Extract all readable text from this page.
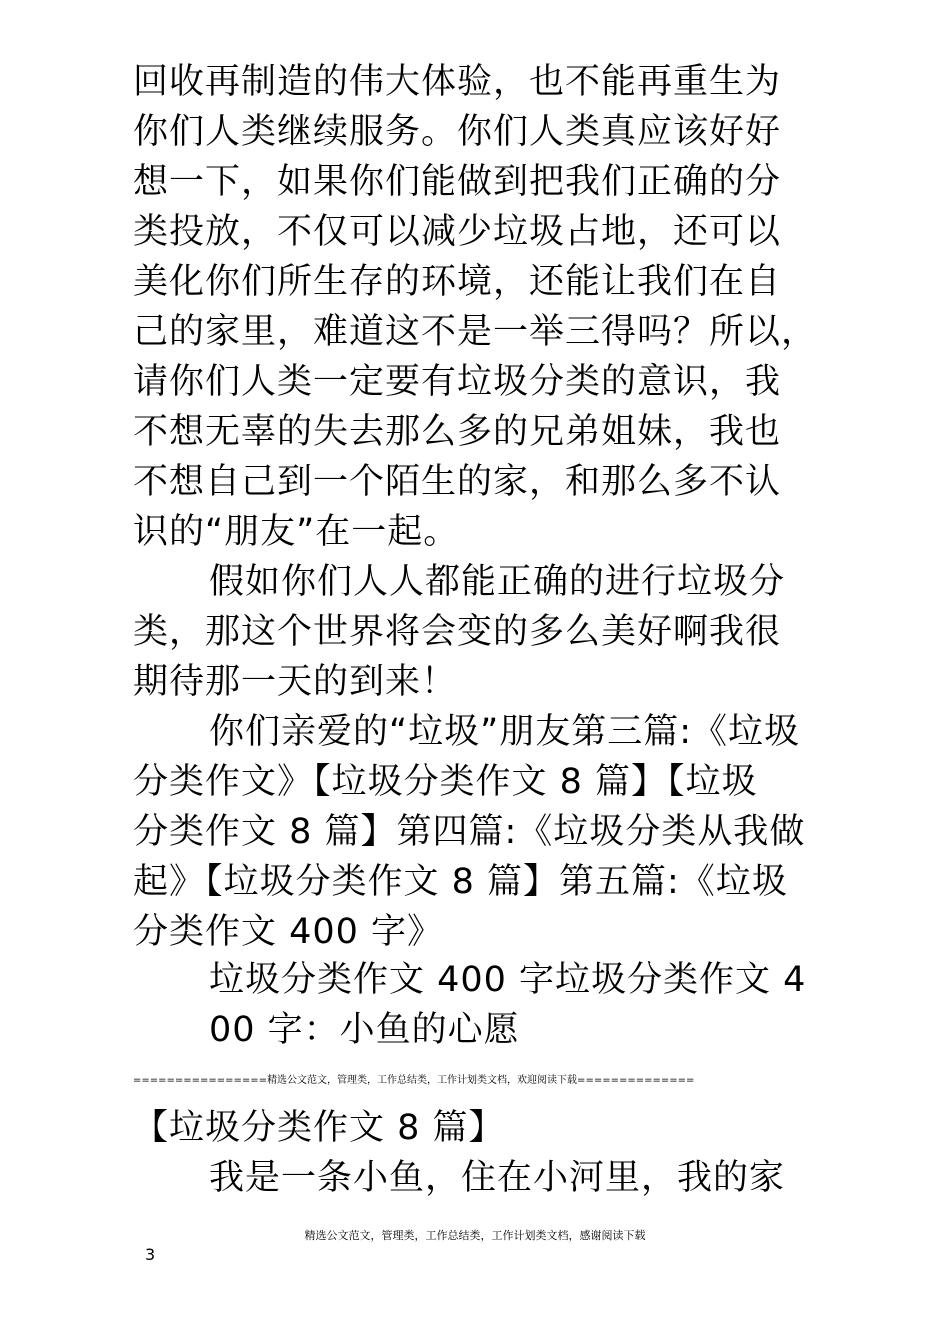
回收再制造的伟大体验，也不能再重生为
你们人类继续服务。你们人类真应该好好
想一下，如果你们能做到把我们正确的分
类投放，不仅可以减少垃圾占地，还可以
美化你们所生存的环境，还能让我们在自
己的家里，难道这不是一举三得吗？所以，
请你们人类一定要有垃圾分类的意识，我
不想无辜的失去那么多的兄弟姐妹，我也
不想自己到一个陌生的家，和那么多不认
识的“朋友”在一起。
假如你们人人都能正确的进行垃圾分
类，那这个世界将会变的多么美好啊我很
期待那一天的到来！
你们亲爱的“垃圾”朋友第三篇:《垃圾
分类作文》【垃圾分类作文 8 篇】【垃圾
分类作文 8 篇】第四篇:《垃圾分类从我做
起》【垃圾分类作文 8 篇】第五篇:《垃圾
分类作文 400 字》
垃圾分类作文 400 字垃圾分类作文 4
00 字：小鱼的心愿
================精选公文范文，管理类，工作总结类，工作计划类文档，欢迎阅读下载==============
【垃圾分类作文 8 篇】
我是一条小鱼，住在小河里，我的家
精选公文范文，管理类，工作总结类，工作计划类文档，感谢阅读下载
3
